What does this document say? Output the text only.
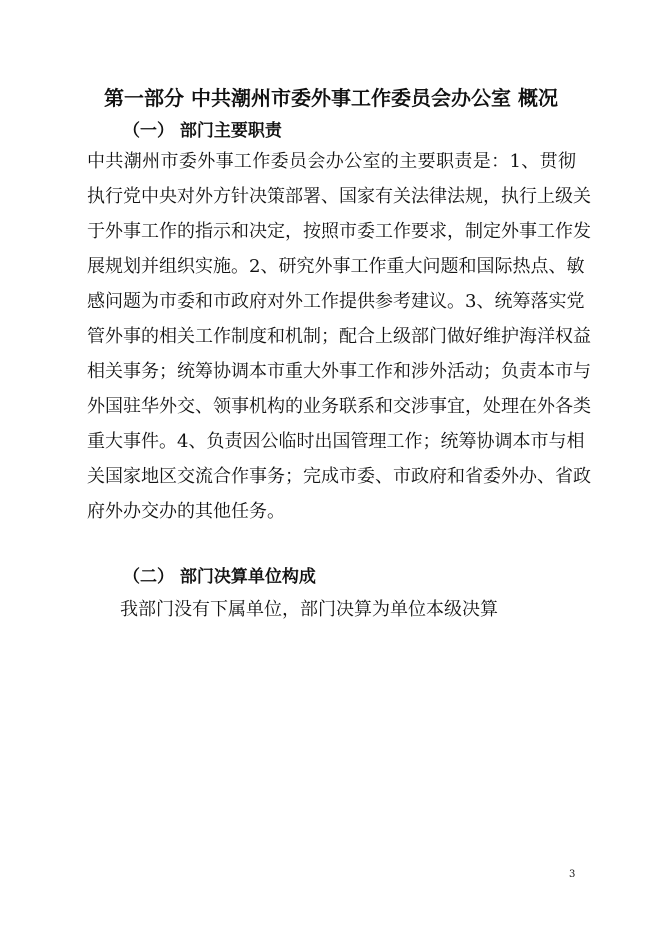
第一部分 中共潮州市委外事工作委员会办公室 概况
（一） 部门主要职责
中共潮州市委外事工作委员会办公室的主要职责是：1、贯彻
执行党中央对外方针决策部署、国家有关法律法规，执行上级关
于外事工作的指示和决定，按照市委工作要求，制定外事工作发
展规划并组织实施。2、研究外事工作重大问题和国际热点、敏
感问题为市委和市政府对外工作提供参考建议。3、统筹落实党
管外事的相关工作制度和机制；配合上级部门做好维护海洋权益
相关事务；统筹协调本市重大外事工作和涉外活动；负责本市与
外国驻华外交、领事机构的业务联系和交涉事宜，处理在外各类
重大事件。4、负责因公临时出国管理工作；统筹协调本市与相
关国家地区交流合作事务；完成市委、市政府和省委外办、省政
府外办交办的其他任务。
（二） 部门决算单位构成
我部门没有下属单位，部门决算为单位本级决算
3
